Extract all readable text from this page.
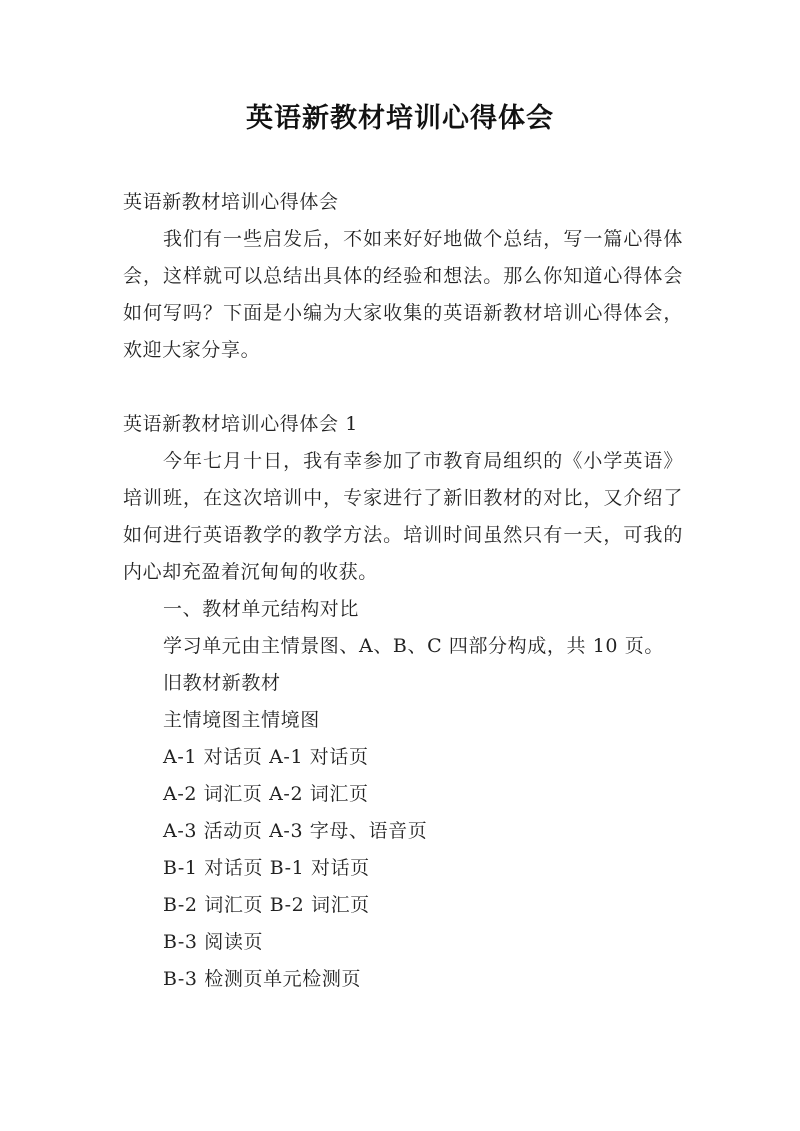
英语新教材培训心得体会

英语新教材培训心得体会

我们有一些启发后，不如来好好地做个总结，写一篇心得体会，这样就可以总结出具体的经验和想法。那么你知道心得体会如何写吗？下面是小编为大家收集的英语新教材培训心得体会，欢迎大家分享。

英语新教材培训心得体会 1

今年七月十日，我有幸参加了市教育局组织的《小学英语》培训班，在这次培训中，专家进行了新旧教材的对比，又介绍了如何进行英语教学的教学方法。培训时间虽然只有一天，可我的内心却充盈着沉甸甸的收获。

一、教材单元结构对比

学习单元由主情景图、A、B、C 四部分构成，共 10 页。

旧教材新教材

主情境图主情境图

A-1 对话页 A-1 对话页

A-2 词汇页 A-2 词汇页

A-3 活动页 A-3 字母、语音页

B-1 对话页 B-1 对话页

B-2 词汇页 B-2 词汇页

B-3 阅读页

B-3 检测页单元检测页
